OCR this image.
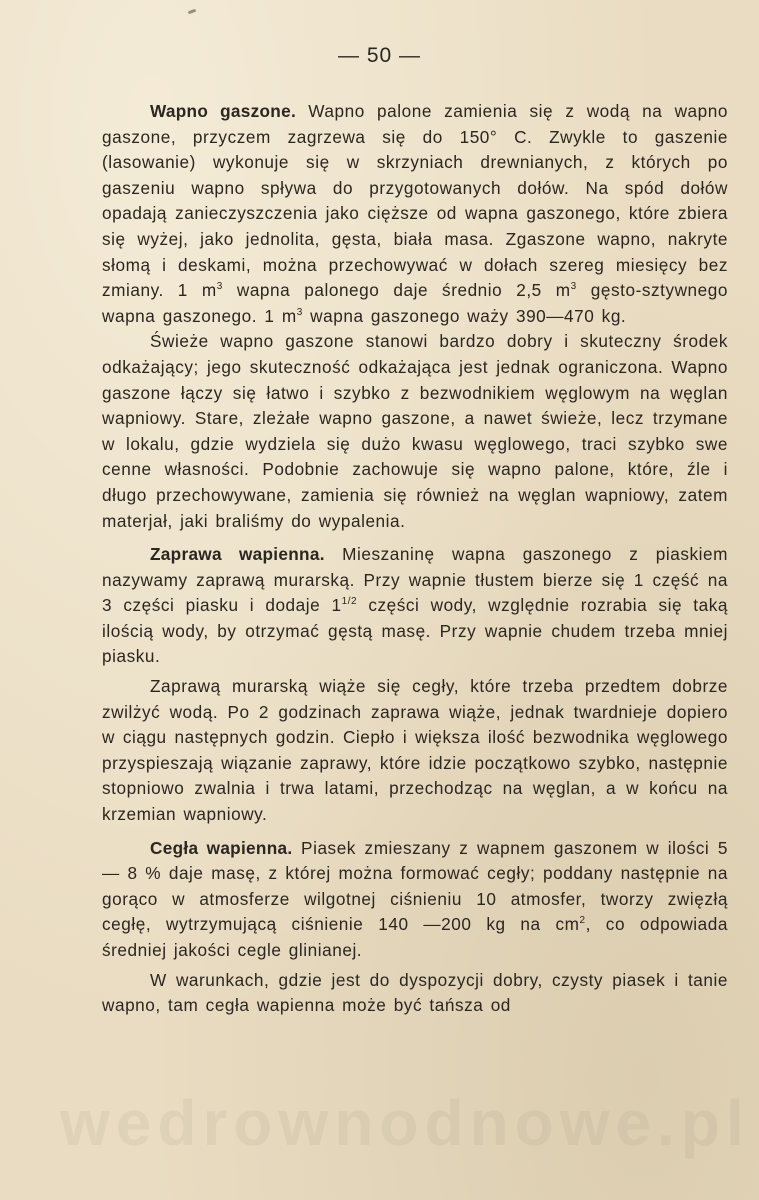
— 50 —

Wapno gaszone. Wapno palone zamienia się z wodą na wapno gaszone, przyczem zagrzewa się do 150° C. Zwykle to gaszenie (lasowanie) wykonuje się w skrzyniach drewnianych, z których po gaszeniu wapno spływa do przygotowanych dołów. Na spód dołów opadają zanieczyszczenia jako cięższe od wapna gaszonego, które zbiera się wyżej, jako jednolita, gęsta, biała masa. Zgaszone wapno, nakryte słomą i deskami, można przechowywać w dołach szereg miesięcy bez zmiany. 1 $m^3$ wapna palonego daje średnio 2,5 $m^3$ gęsto-sztywnego wapna gaszonego. 1 $m^3$ wapna gaszonego waży 390—470 kg.

Świeże wapno gaszone stanowi bardzo dobry i skuteczny środek odkażający; jego skuteczność odkażająca jest jednak ograniczona. Wapno gaszone łączy się łatwo i szybko z bezwodnikiem węglowym na węglan wapniowy. Stare, zleżałe wapno gaszone, a nawet świeże, lecz trzymane w lokalu, gdzie wydziela się dużo kwasu węglowego, traci szybko swe cenne własności. Podobnie zachowuje się wapno palone, które, źle i długo przechowywane, zamienia się również na węglan wapniowy, zatem materjał, jaki braliśmy do wypalenia.

Zaprawa wapienna. Mieszaninę wapna gaszonego z piaskiem nazywamy zaprawą murarską. Przy wapnie tłustem bierze się 1 część na 3 części piasku i dodaje $1^{1/2}$ części wody, względnie rozrabia się taką ilością wody, by otrzymać gęstą masę. Przy wapnie chudem trzeba mniej piasku.

Zaprawą murarską wiąże się cegły, które trzeba przedtem dobrze zwilżyć wodą. Po 2 godzinach zaprawa wiąże, jednak twardnieje dopiero w ciągu następnych godzin. Ciepło i większa ilość bezwodnika węglowego przyspieszają wiązanie zaprawy, które idzie początkowo szybko, następnie stopniowo zwalnia i trwa latami, przechodząc na węglan, a w końcu na krzemian wapniowy.

Cegła wapienna. Piasek zmieszany z wapnem gaszonem w ilości 5 — 8 % daje masę, z której można formować cegły; poddany następnie na gorąco w atmosferze wilgotnej ciśnieniu 10 atmosfer, tworzy zwięzłą cegłę, wytrzymującą ciśnienie 140 —200 kg na $cm^2$, co odpowiada średniej jakości cegle glinianej.

W warunkach, gdzie jest do dyspozycji dobry, czysty piasek i tanie wapno, tam cegła wapienna może być tańsza od

wedrownodnowe.pl
